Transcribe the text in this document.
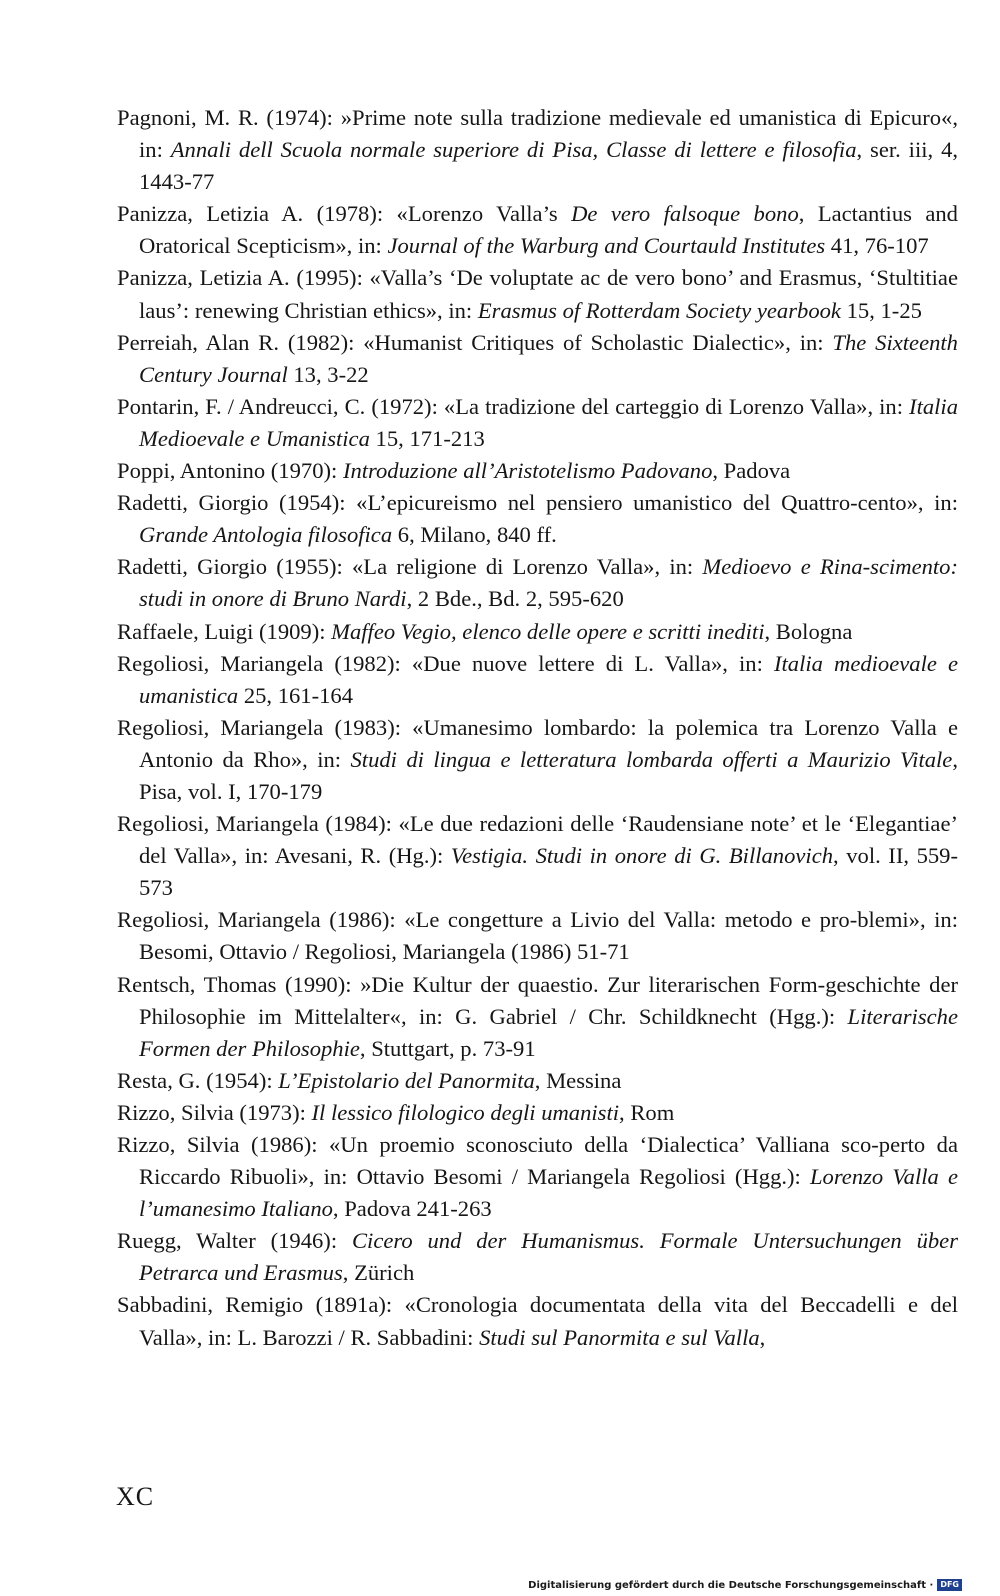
Pagnoni, M. R. (1974): »Prime note sulla tradizione medievale ed umanistica di Epicuro«, in: Annali dell Scuola normale superiore di Pisa, Classe di lettere e filosofia, ser. iii, 4, 1443-77

Panizza, Letizia A. (1978): «Lorenzo Valla’s De vero falsoque bono, Lactantius and Oratorical Scepticism», in: Journal of the Warburg and Courtauld Institutes 41, 76-107

Panizza, Letizia A. (1995): «Valla’s ‘De voluptate ac de vero bono’ and Erasmus, ‘Stultitiae laus’: renewing Christian ethics», in: Erasmus of Rotterdam Society yearbook 15, 1-25

Perreiah, Alan R. (1982): «Humanist Critiques of Scholastic Dialectic», in: The Sixteenth Century Journal 13, 3-22

Pontarin, F. / Andreucci, C. (1972): «La tradizione del carteggio di Lorenzo Valla», in: Italia Medioevale e Umanistica 15, 171-213

Poppi, Antonino (1970): Introduzione all’Aristotelismo Padovano, Padova

Radetti, Giorgio (1954): «L’epicureismo nel pensiero umanistico del Quattro-cento», in: Grande Antologia filosofica 6, Milano, 840 ff.

Radetti, Giorgio (1955): «La religione di Lorenzo Valla», in: Medioevo e Rina-scimento: studi in onore di Bruno Nardi, 2 Bde., Bd. 2, 595-620

Raffaele, Luigi (1909): Maffeo Vegio, elenco delle opere e scritti inediti, Bologna

Regoliosi, Mariangela (1982): «Due nuove lettere di L. Valla», in: Italia medioevale e umanistica 25, 161-164

Regoliosi, Mariangela (1983): «Umanesimo lombardo: la polemica tra Lorenzo Valla e Antonio da Rho», in: Studi di lingua e letteratura lombarda offerti a Maurizio Vitale, Pisa, vol. I, 170-179

Regoliosi, Mariangela (1984): «Le due redazioni delle ‘Raudensiane note’ et le ‘Elegantiae’ del Valla», in: Avesani, R. (Hg.): Vestigia. Studi in onore di G. Billanovich, vol. II, 559-573

Regoliosi, Mariangela (1986): «Le congetture a Livio del Valla: metodo e pro-blemi», in: Besomi, Ottavio / Regoliosi, Mariangela (1986) 51-71

Rentsch, Thomas (1990): »Die Kultur der quaestio. Zur literarischen Form-geschichte der Philosophie im Mittelalter«, in: G. Gabriel / Chr. Schildknecht (Hgg.): Literarische Formen der Philosophie, Stuttgart, p. 73-91

Resta, G. (1954): L’Epistolario del Panormita, Messina

Rizzo, Silvia (1973): Il lessico filologico degli umanisti, Rom

Rizzo, Silvia (1986): «Un proemio sconosciuto della ‘Dialectica’ Valliana sco-perto da Riccardo Ribuoli», in: Ottavio Besomi / Mariangela Regoliosi (Hgg.): Lorenzo Valla e l’umanesimo Italiano, Padova 241-263

Ruegg, Walter (1946): Cicero und der Humanismus. Formale Untersuchungen über Petrarca und Erasmus, Zürich

Sabbadini, Remigio (1891a): «Cronologia documentata della vita del Beccadelli e del Valla», in: L. Barozzi / R. Sabbadini: Studi sul Panormita e sul Valla,

XC
Digitalisierung gefördert durch die Deutsche Forschungsgemeinschaft · DFG
